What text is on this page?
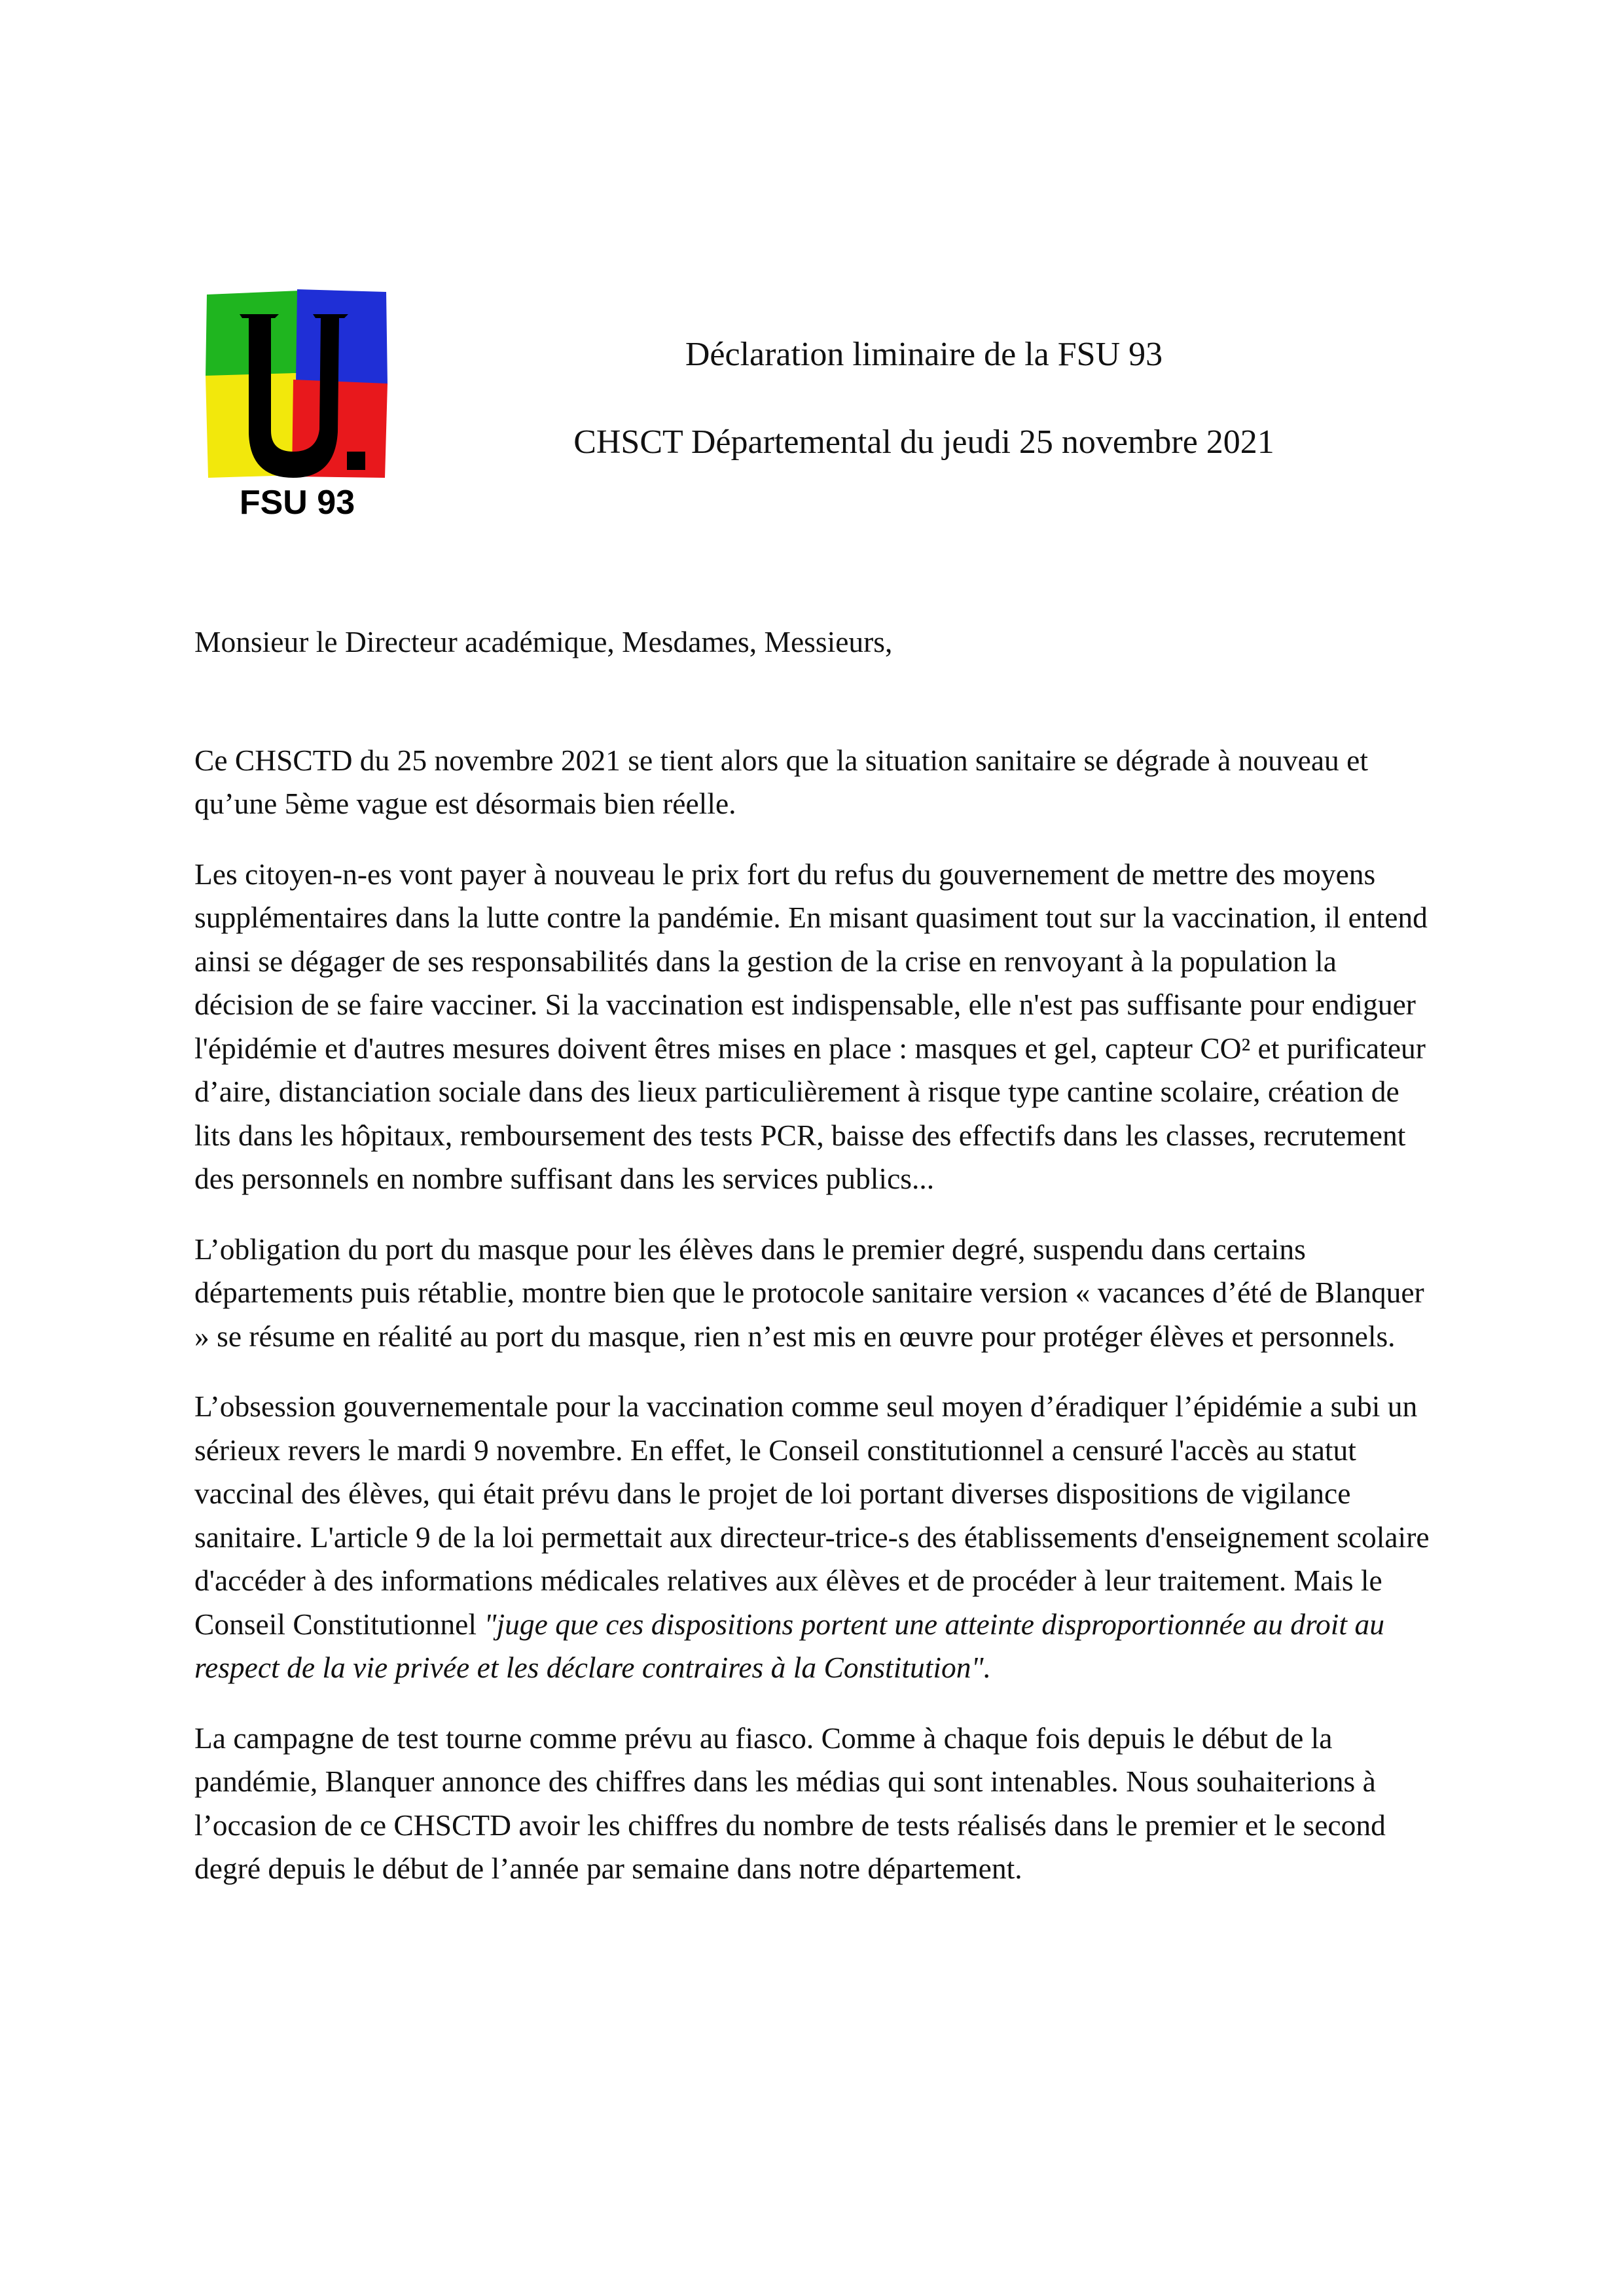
FSU 93
Déclaration liminaire de la FSU 93
CHSCT Départemental du jeudi 25 novembre 2021

Monsieur le Directeur académique, Mesdames, Messieurs,

Ce CHSCTD du 25 novembre 2021 se tient alors que la situation sanitaire se dégrade à nouveau et qu’une 5ème vague est désormais bien réelle.

Les citoyen-n-es vont payer à nouveau le prix fort du refus du gouvernement de mettre des moyens supplémentaires dans la lutte contre la pandémie. En misant quasiment tout sur la vaccination, il entend ainsi se dégager de ses responsabilités dans la gestion de la crise en renvoyant à la population la décision de se faire vacciner. Si la vaccination est indispensable, elle n'est pas suffisante pour endiguer l'épidémie et d'autres mesures doivent êtres mises en place : masques et gel, capteur CO² et purificateur d’aire, distanciation sociale dans des lieux particulièrement à risque type cantine scolaire, création de lits dans les hôpitaux, remboursement des tests PCR, baisse des effectifs dans les classes, recrutement des personnels en nombre suffisant dans les services publics...

L’obligation du port du masque pour les élèves dans le premier degré, suspendu dans certains départements puis rétablie, montre bien que le protocole sanitaire version « vacances d’été de Blanquer » se résume en réalité au port du masque, rien n’est mis en œuvre pour protéger élèves et personnels.

L’obsession gouvernementale pour la vaccination comme seul moyen d’éradiquer l’épidémie a subi un sérieux revers le mardi 9 novembre. En effet, le Conseil constitutionnel a censuré l'accès au statut vaccinal des élèves, qui était prévu dans le projet de loi portant diverses dispositions de vigilance sanitaire. L'article 9 de la loi permettait aux directeur-trice-s des établissements d'enseignement scolaire d'accéder à des informations médicales relatives aux élèves et de procéder à leur traitement. Mais le Conseil Constitutionnel "juge que ces dispositions portent une atteinte disproportionnée au droit au respect de la vie privée et les déclare contraires à la Constitution".

La campagne de test tourne comme prévu au fiasco. Comme à chaque fois depuis le début de la pandémie, Blanquer annonce des chiffres dans les médias qui sont intenables. Nous souhaiterions à l’occasion de ce CHSCTD avoir les chiffres du nombre de tests réalisés dans le premier et le second degré depuis le début de l’année par semaine dans notre département.
